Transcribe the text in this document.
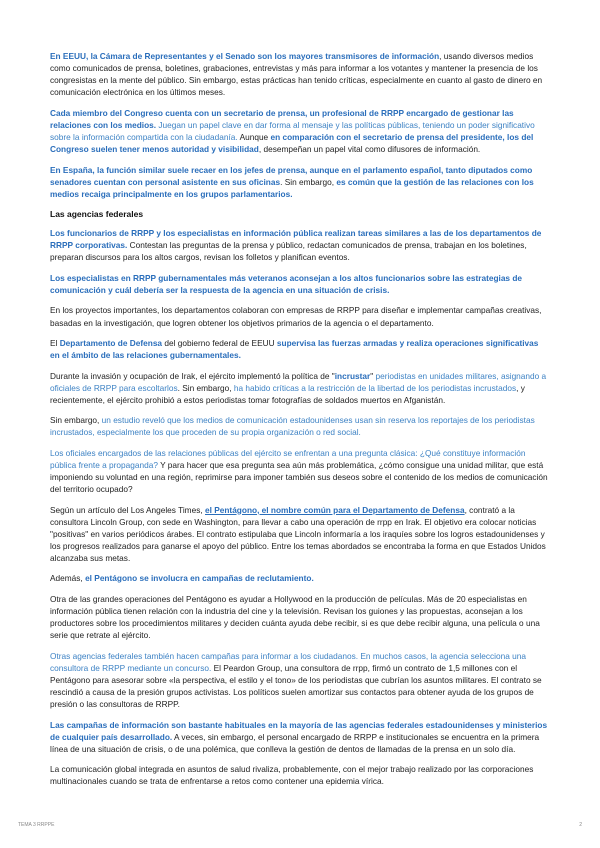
En EEUU, la Cámara de Representantes y el Senado son los mayores transmisores de información, usando diversos medios como comunicados de prensa, boletines, grabaciones, entrevistas y más para informar a los votantes y mantener la presencia de los congresistas en la mente del público. Sin embargo, estas prácticas han tenido críticas, especialmente en cuanto al gasto de dinero en comunicación electrónica en los últimos meses.

Cada miembro del Congreso cuenta con un secretario de prensa, un profesional de RRPP encargado de gestionar las relaciones con los medios. Juegan un papel clave en dar forma al mensaje y las políticas públicas, teniendo un poder significativo sobre la información compartida con la ciudadanía. Aunque en comparación con el secretario de prensa del presidente, los del Congreso suelen tener menos autoridad y visibilidad, desempeñan un papel vital como difusores de información.

En España, la función similar suele recaer en los jefes de prensa, aunque en el parlamento español, tanto diputados como senadores cuentan con personal asistente en sus oficinas. Sin embargo, es común que la gestión de las relaciones con los medios recaiga principalmente en los grupos parlamentarios.

Las agencias federales

Los funcionarios de RRPP y los especialistas en información pública realizan tareas similares a las de los departamentos de RRPP corporativas. Contestan las preguntas de la prensa y público, redactan comunicados de prensa, trabajan en los boletines, preparan discursos para los altos cargos, revisan los folletos y planifican eventos.

Los especialistas en RRPP gubernamentales más veteranos aconsejan a los altos funcionarios sobre las estrategias de comunicación y cuál debería ser la respuesta de la agencia en una situación de crisis.

En los proyectos importantes, los departamentos colaboran con empresas de RRPP para diseñar e implementar campañas creativas, basadas en la investigación, que logren obtener los objetivos primarios de la agencia o el departamento.

El Departamento de Defensa del gobierno federal de EEUU supervisa las fuerzas armadas y realiza operaciones significativas en el ámbito de las relaciones gubernamentales.

Durante la invasión y ocupación de Irak, el ejército implementó la política de "incrustar" periodistas en unidades militares, asignando a oficiales de RRPP para escoltarlos. Sin embargo, ha habido críticas a la restricción de la libertad de los periodistas incrustados, y recientemente, el ejército prohibió a estos periodistas tomar fotografías de soldados muertos en Afganistán.

Sin embargo, un estudio reveló que los medios de comunicación estadounidenses usan sin reserva los reportajes de los periodistas incrustados, especialmente los que proceden de su propia organización o red social.

Los oficiales encargados de las relaciones públicas del ejército se enfrentan a una pregunta clásica: ¿Qué constituye información pública frente a propaganda? Y para hacer que esa pregunta sea aún más problemática, ¿cómo consigue una unidad militar, que está imponiendo su voluntad en una región, reprimirse para imponer también sus deseos sobre el contenido de los medios de comunicación del territorio ocupado?

Según un artículo del Los Angeles Times, el Pentágono, el nombre común para el Departamento de Defensa, contrató a la consultora Lincoln Group, con sede en Washington, para llevar a cabo una operación de rrpp en Irak. El objetivo era colocar noticias "positivas" en varios periódicos árabes. El contrato estipulaba que Lincoln informaría a los iraquíes sobre los logros estadounidenses y los progresos realizados para ganarse el apoyo del público. Entre los temas abordados se encontraba la forma en que Estados Unidos alcanzaba sus metas.

Además, el Pentágono se involucra en campañas de reclutamiento.

Otra de las grandes operaciones del Pentágono es ayudar a Hollywood en la producción de películas. Más de 20 especialistas en información pública tienen relación con la industria del cine y la televisión. Revisan los guiones y las propuestas, aconsejan a los productores sobre los procedimientos militares y deciden cuánta ayuda debe recibir, si es que debe recibir alguna, una película o una serie que retrate al ejército.

Otras agencias federales también hacen campañas para informar a los ciudadanos. En muchos casos, la agencia selecciona una consultora de RRPP mediante un concurso. El Peardon Group, una consultora de rrpp, firmó un contrato de 1,5 millones con el Pentágono para asesorar sobre «la perspectiva, el estilo y el tono» de los periodistas que cubrían los asuntos militares. El contrato se rescindió a causa de la presión grupos activistas. Los políticos suelen amortizar sus contactos para obtener ayuda de los grupos de presión o las consultoras de RRPP.

Las campañas de información son bastante habituales en la mayoría de las agencias federales estadounidenses y ministerios de cualquier país desarrollado. A veces, sin embargo, el personal encargado de RRPP e institucionales se encuentra en la primera línea de una situación de crisis, o de una polémica, que conlleva la gestión de dentos de llamadas de la prensa en un solo día.

La comunicación global integrada en asuntos de salud rivaliza, probablemente, con el mejor trabajo realizado por las corporaciones multinacionales cuando se trata de enfrentarse a retos como contener una epidemia vírica.

TEMA 3 RRPPE	2
